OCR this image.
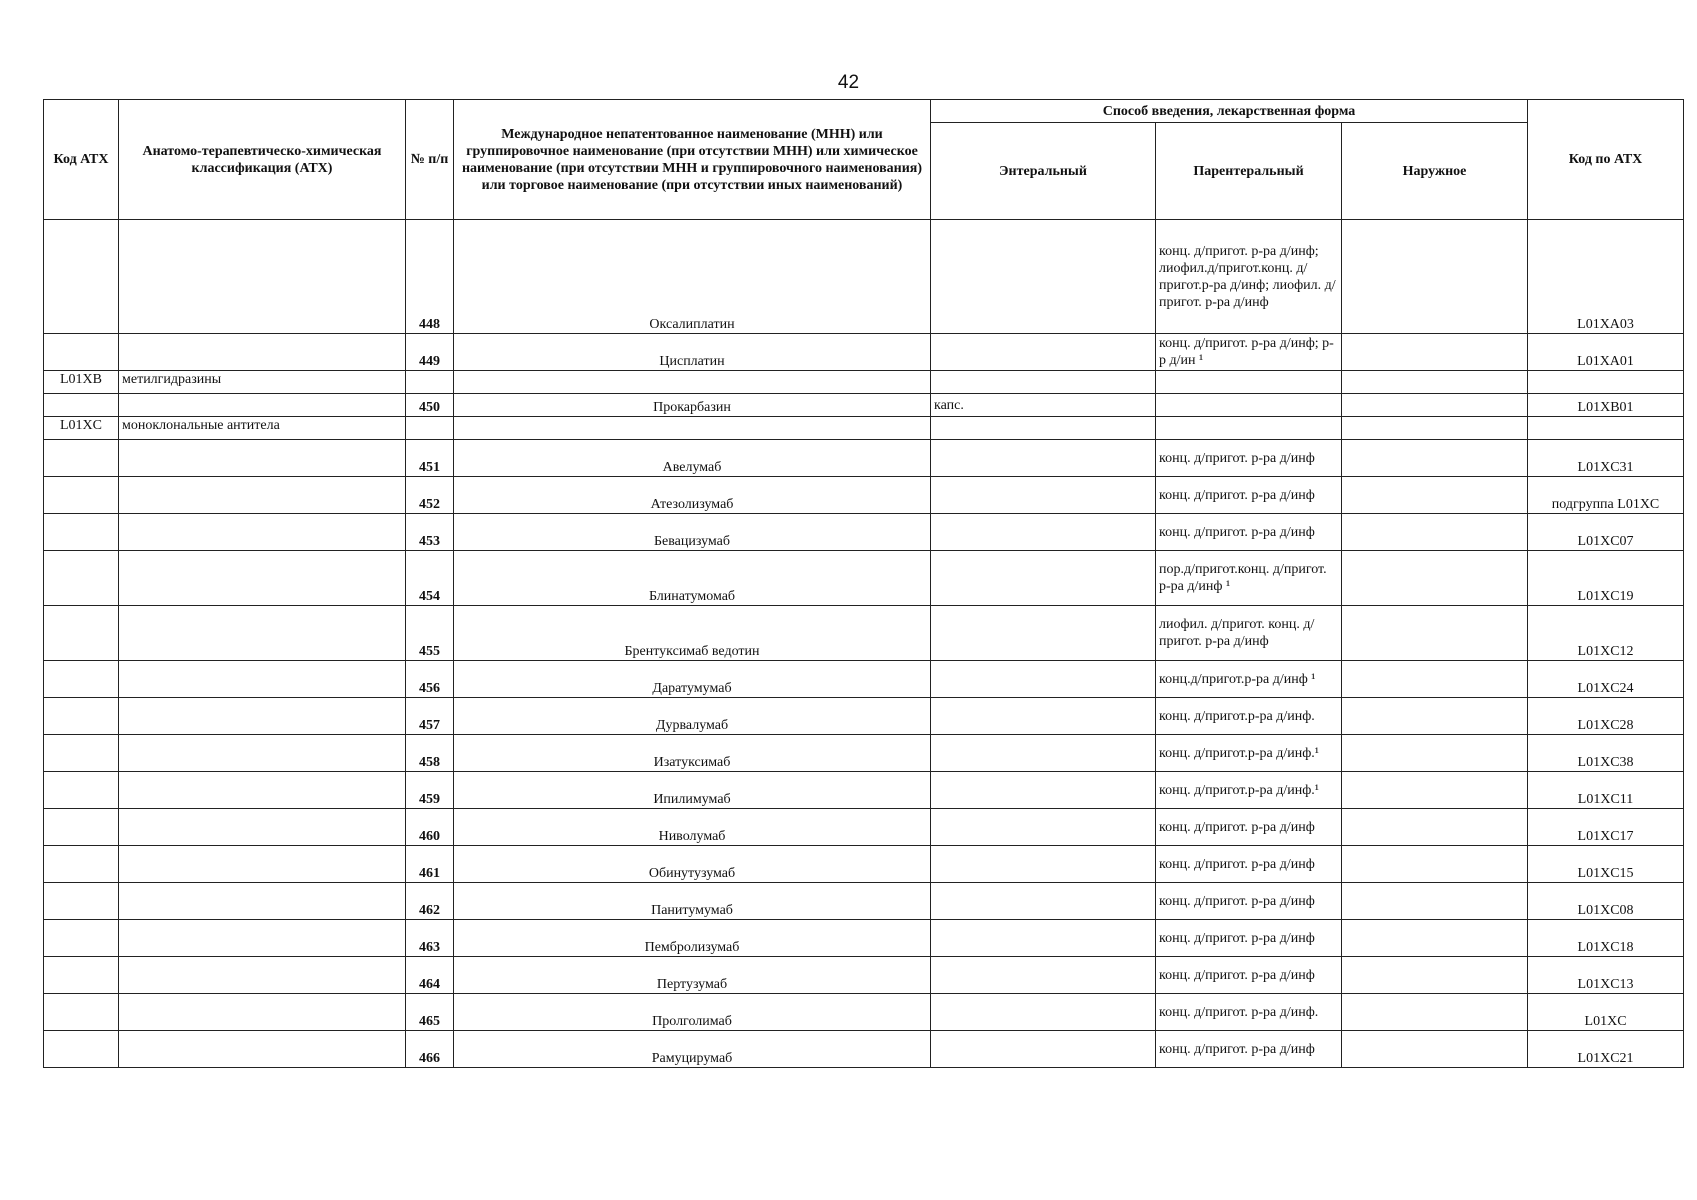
42
Код АТХ	Анатомо-терапевтическо-химическая классификация (АТХ)	№ п/п	Международное непатентованное наименование (МНН) или группировочное наименование (при отсутствии МНН) или химическое наименование (при отсутствии МНН и группировочного наименования) или торговое наименование (при отсутствии иных наименований)	Способ введения, лекарственная форма			Код по АТХ
				Энтеральный	Парентеральный	Наружное	
		448	Оксалиплатин		конц. д/пригот. р-ра д/инф; лиофил.д/пригот.конц. д/пригот.р-ра д/инф; лиофил. д/пригот. р-ра д/инф		L01XA03
		449	Цисплатин		конц. д/пригот. р-ра д/инф; р-р д/ин ¹		L01XA01
L01XB	метилгидразины						
		450	Прокарбазин	капс.			L01XB01
L01XC	моноклональные антитела						
		451	Авелумаб		конц. д/пригот. р-ра д/инф		L01XC31
		452	Атезолизумаб		конц. д/пригот. р-ра д/инф		подгруппа L01XC
		453	Бевацизумаб		конц. д/пригот. р-ра д/инф		L01XC07
		454	Блинатумомаб		пор.д/пригот.конц. д/пригот. р-ра д/инф ¹		L01XC19
		455	Брентуксимаб ведотин		лиофил. д/пригот. конц. д/пригот. р-ра д/инф		L01XC12
		456	Даратумумаб		конц.д/пригот.р-ра д/инф ¹		L01XC24
		457	Дурвалумаб		конц. д/пригот.р-ра д/инф.		L01XC28
		458	Изатуксимаб		конц. д/пригот.р-ра д/инф.¹		L01XC38
		459	Ипилимумаб		конц. д/пригот.р-ра д/инф.¹		L01XC11
		460	Ниволумаб		конц. д/пригот. р-ра д/инф		L01XC17
		461	Обинутузумаб		конц. д/пригот. р-ра д/инф		L01XC15
		462	Панитумумаб		конц. д/пригот. р-ра д/инф		L01XC08
		463	Пембролизумаб		конц. д/пригот. р-ра д/инф		L01XC18
		464	Пертузумаб		конц. д/пригот. р-ра д/инф		L01XC13
		465	Пролголимаб		конц. д/пригот. р-ра д/инф.		L01XC
		466	Рамуцирумаб		конц. д/пригот. р-ра д/инф		L01XC21
